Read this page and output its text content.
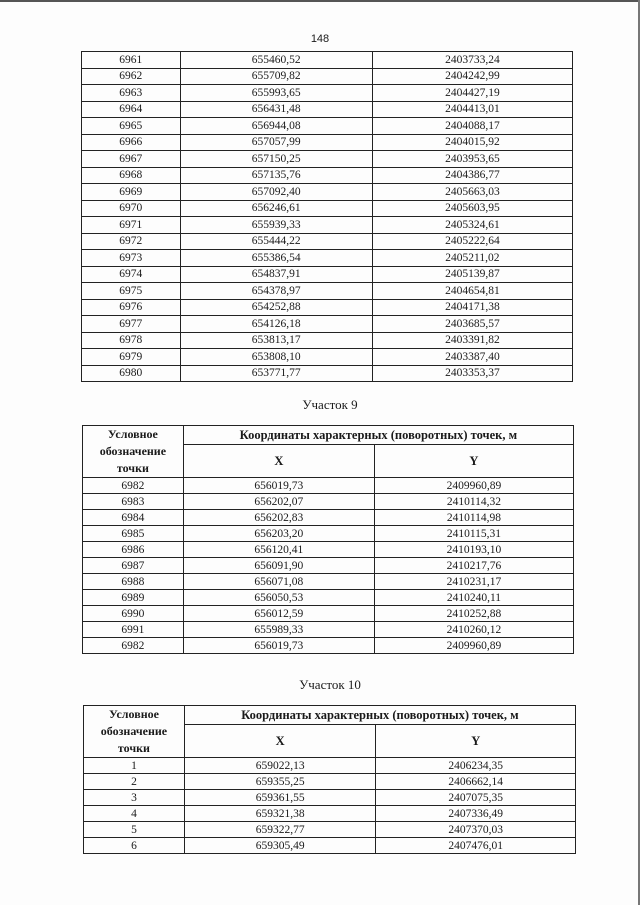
148
6961	655460,52	2403733,24
6962	655709,82	2404242,99
6963	655993,65	2404427,19
6964	656431,48	2404413,01
6965	656944,08	2404088,17
6966	657057,99	2404015,92
6967	657150,25	2403953,65
6968	657135,76	2404386,77
6969	657092,40	2405663,03
6970	656246,61	2405603,95
6971	655939,33	2405324,61
6972	655444,22	2405222,64
6973	655386,54	2405211,02
6974	654837,91	2405139,87
6975	654378,97	2404654,81
6976	654252,88	2404171,38
6977	654126,18	2403685,57
6978	653813,17	2403391,82
6979	653808,10	2403387,40
6980	653771,77	2403353,37
Участок 9
Условное обозначение точки	Координаты характерных (поворотных) точек, м	
	X	Y
6982	656019,73	2409960,89
6983	656202,07	2410114,32
6984	656202,83	2410114,98
6985	656203,20	2410115,31
6986	656120,41	2410193,10
6987	656091,90	2410217,76
6988	656071,08	2410231,17
6989	656050,53	2410240,11
6990	656012,59	2410252,88
6991	655989,33	2410260,12
6982	656019,73	2409960,89
Участок 10
Условное обозначение точки	Координаты характерных (поворотных) точек, м	
	X	Y
1	659022,13	2406234,35
2	659355,25	2406662,14
3	659361,55	2407075,35
4	659321,38	2407336,49
5	659322,77	2407370,03
6	659305,49	2407476,01
